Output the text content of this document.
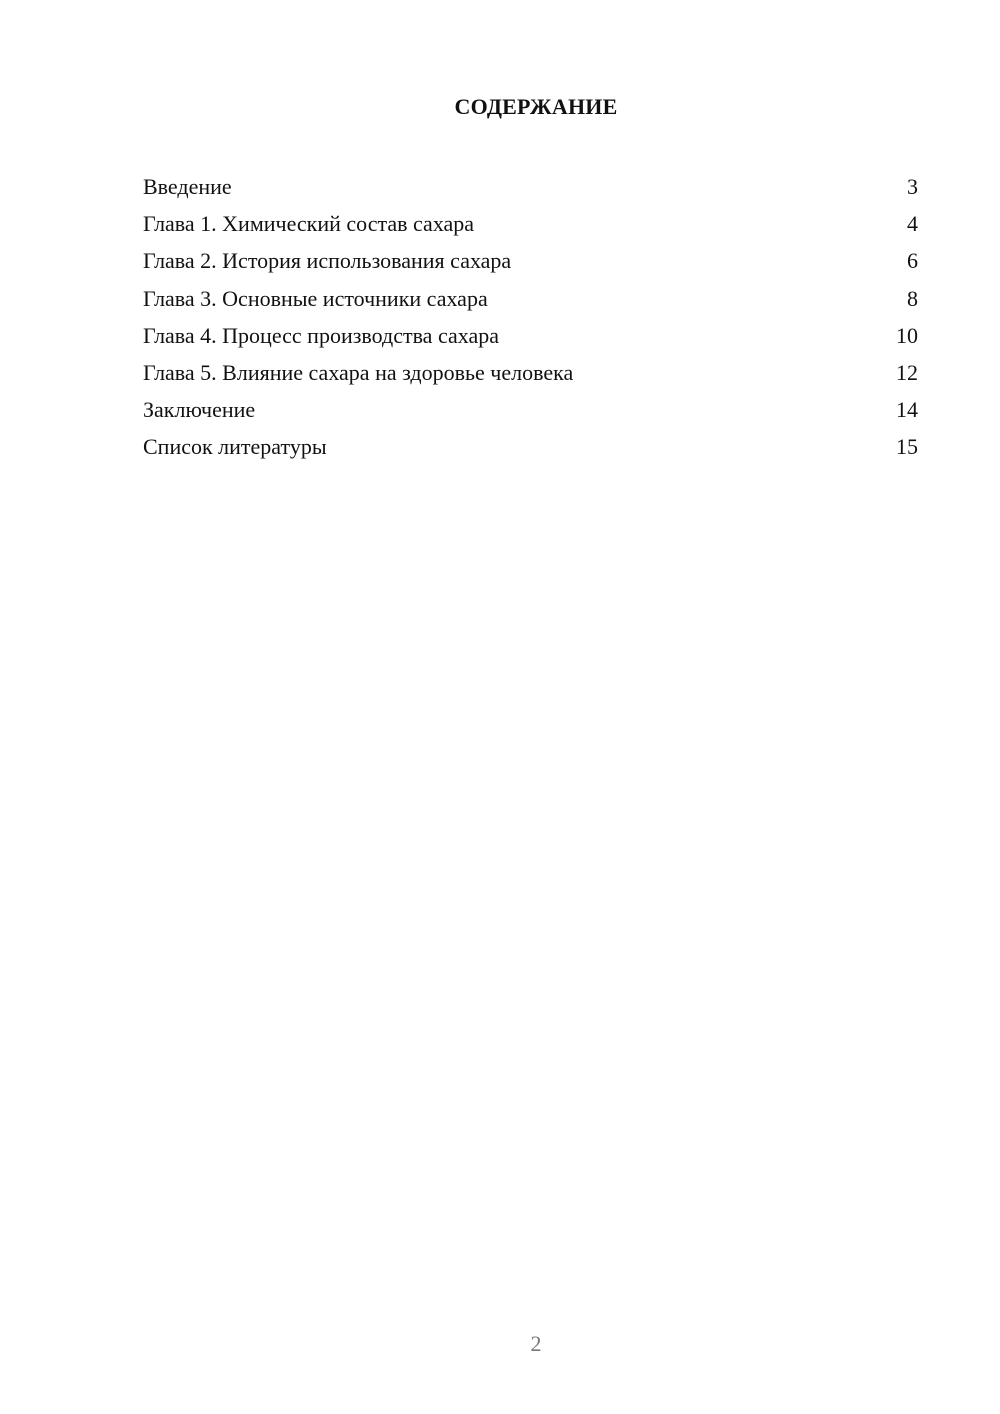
СОДЕРЖАНИЕ
Введение	3
Глава 1. Химический состав сахара	4
Глава 2. История использования сахара	6
Глава 3. Основные источники сахара	8
Глава 4. Процесс производства сахара	10
Глава 5. Влияние сахара на здоровье человека	12
Заключение	14
Список литературы	15
2
